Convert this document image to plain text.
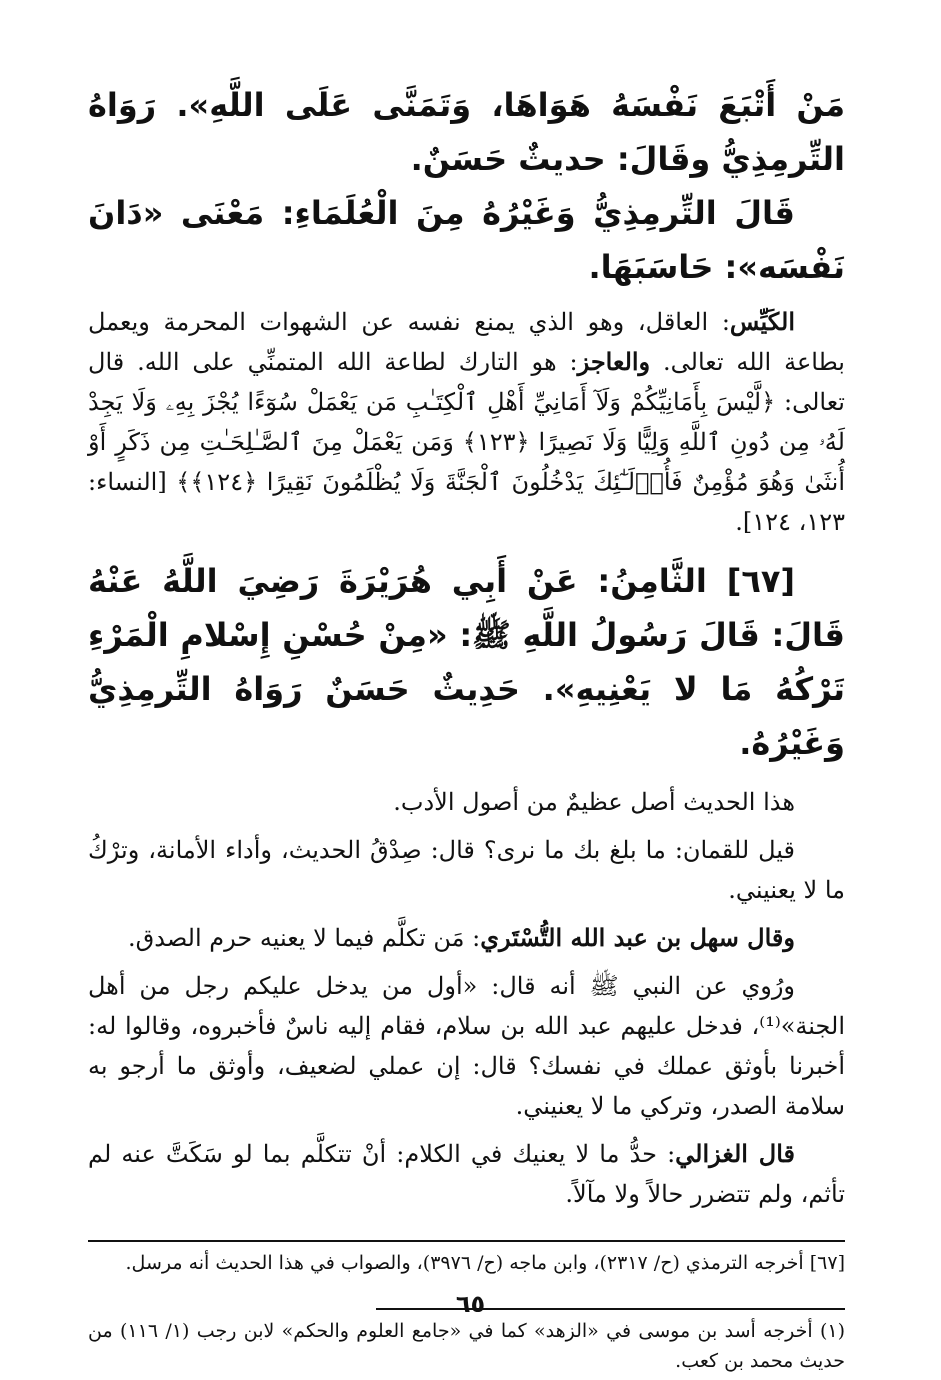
مَنْ أَتْبَعَ نَفْسَهُ هَوَاهَا، وَتَمَنَّى عَلَى اللَّهِ». رَوَاهُ التِّرمِذِيُّ وقَالَ: حديثٌ حَسَنٌ.

قَالَ التِّرمِذِيُّ وَغَيْرُهُ مِنَ الْعُلَمَاءِ: مَعْنَى «دَانَ نَفْسَه»: حَاسَبَهَا.

الكَيِّس: العاقل، وهو الذي يمنع نفسه عن الشهوات المحرمة ويعمل بطاعة الله تعالى. والعاجز: هو التارك لطاعة الله المتمنِّي على الله. قال تعالى: ﴿لَّيْسَ بِأَمَانِيِّكُمْ وَلَآ أَمَانِيِّ أَهْلِ ٱلْكِتَـٰبِ مَن يَعْمَلْ سُوٓءًا يُجْزَ بِهِۦ وَلَا يَجِدْ لَهُۥ مِن دُونِ ٱللَّهِ وَلِيًّا وَلَا نَصِيرًا ﴿١٢٣﴾ وَمَن يَعْمَلْ مِنَ ٱلصَّـٰلِحَـٰتِ مِن ذَكَرٍ أَوْ أُنثَىٰ وَهُوَ مُؤْمِنٌ فَأُو۟لَـٰٓئِكَ يَدْخُلُونَ ٱلْجَنَّةَ وَلَا يُظْلَمُونَ نَقِيرًا ﴿١٢٤﴾﴾ [النساء: ١٢٣، ١٢٤].

[٦٧] الثَّامِنُ: عَنْ أَبِي هُرَيْرَةَ رَضِيَ اللَّهُ عَنْهُ قَالَ: قَالَ رَسُولُ اللَّهِ ﷺ: «مِنْ حُسْنِ إِسْلامِ الْمَرْءِ تَرْكُهُ مَا لا يَعْنِيهِ». حَدِيثٌ حَسَنٌ رَوَاهُ التِّرمِذِيُّ وَغَيْرُهُ.

هذا الحديث أصل عظيمٌ من أصول الأدب.

قيل للقمان: ما بلغ بك ما نرى؟ قال: صِدْقُ الحديث، وأداء الأمانة، وترْكُ ما لا يعنيني.

وقال سهل بن عبد الله التُّسْتَري: مَن تكلَّم فيما لا يعنيه حرم الصدق.

ورُوي عن النبي ﷺ أنه قال: «أول من يدخل عليكم رجل من أهل الجنة»⁽¹⁾، فدخل عليهم عبد الله بن سلام، فقام إليه ناسٌ فأخبروه، وقالوا له: أخبرنا بأوثق عملك في نفسك؟ قال: إن عملي لضعيف، وأوثق ما أرجو به سلامة الصدر، وتركي ما لا يعنيني.

قال الغزالي: حدُّ ما لا يعنيك في الكلام: أنْ تتكلَّم بما لو سَكَتَّ عنه لم تأثم، ولم تتضرر حالاً ولا مآلاً.

[٦٧] أخرجه الترمذي (ح/ ٢٣١٧)، وابن ماجه (ح/ ٣٩٧٦)، والصواب في هذا الحديث أنه مرسل.

(١) أخرجه أسد بن موسى في «الزهد» كما في «جامع العلوم والحكم» لابن رجب (١/ ١١٦) من حديث محمد بن كعب.

٦٥
